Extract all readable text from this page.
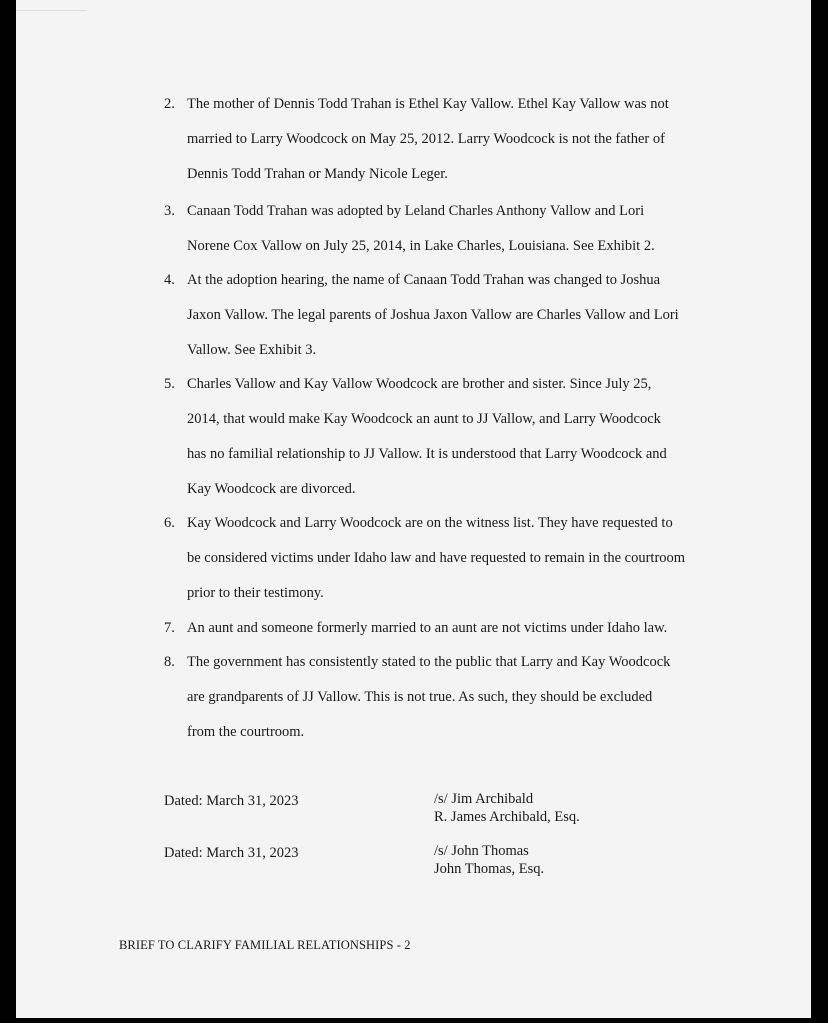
2. The mother of Dennis Todd Trahan is Ethel Kay Vallow. Ethel Kay Vallow was not
married to Larry Woodcock on May 25, 2012. Larry Woodcock is not the father of
Dennis Todd Trahan or Mandy Nicole Leger.
3. Canaan Todd Trahan was adopted by Leland Charles Anthony Vallow and Lori
Norene Cox Vallow on July 25, 2014, in Lake Charles, Louisiana. See Exhibit 2.
4. At the adoption hearing, the name of Canaan Todd Trahan was changed to Joshua
Jaxon Vallow. The legal parents of Joshua Jaxon Vallow are Charles Vallow and Lori
Vallow. See Exhibit 3.
5. Charles Vallow and Kay Vallow Woodcock are brother and sister. Since July 25,
2014, that would make Kay Woodcock an aunt to JJ Vallow, and Larry Woodcock
has no familial relationship to JJ Vallow. It is understood that Larry Woodcock and
Kay Woodcock are divorced.
6. Kay Woodcock and Larry Woodcock are on the witness list. They have requested to
be considered victims under Idaho law and have requested to remain in the courtroom
prior to their testimony.
7. An aunt and someone formerly married to an aunt are not victims under Idaho law.
8. The government has consistently stated to the public that Larry and Kay Woodcock
are grandparents of JJ Vallow. This is not true. As such, they should be excluded
from the courtroom.
Dated: March 31, 2023	/s/ Jim Archibald
R. James Archibald, Esq.
Dated: March 31, 2023	/s/ John Thomas
John Thomas, Esq.
BRIEF TO CLARIFY FAMILIAL RELATIONSHIPS - 2
